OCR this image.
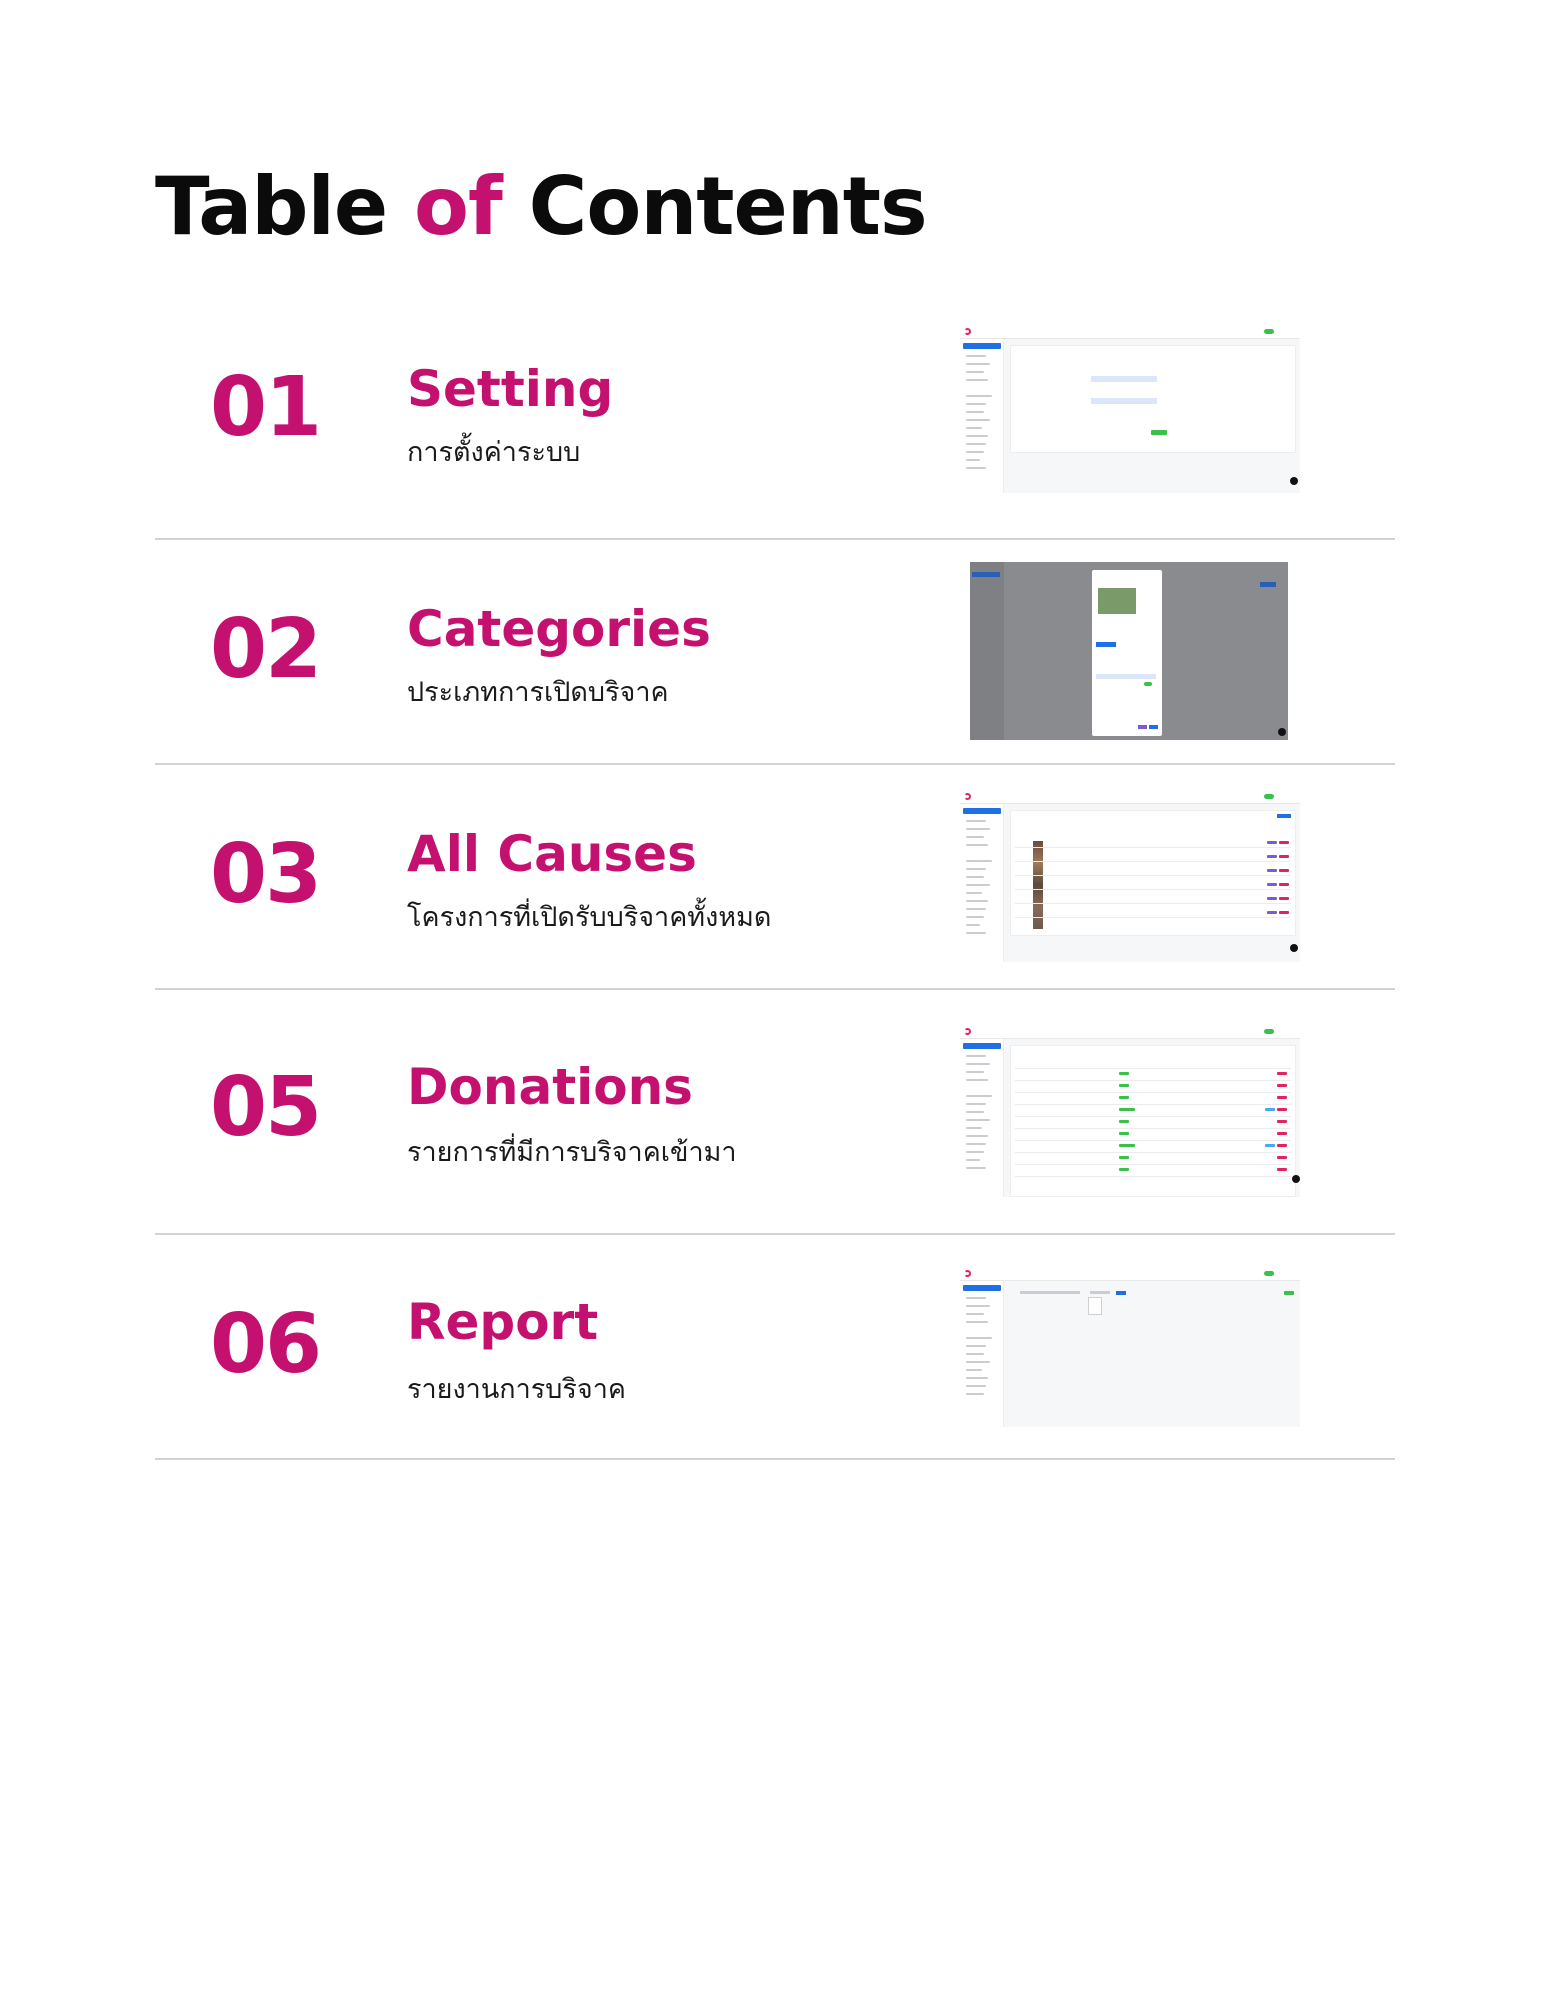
Table of Contents
01 Setting
การตั้งค่าระบบ
02 Categories
ประเภทการเปิดบริจาค
03 All Causes
โครงการที่เปิดรับบริจาคทั้งหมด
05 Donations
รายการที่มีการบริจาคเข้ามา
06 Report
รายงานการบริจาค
